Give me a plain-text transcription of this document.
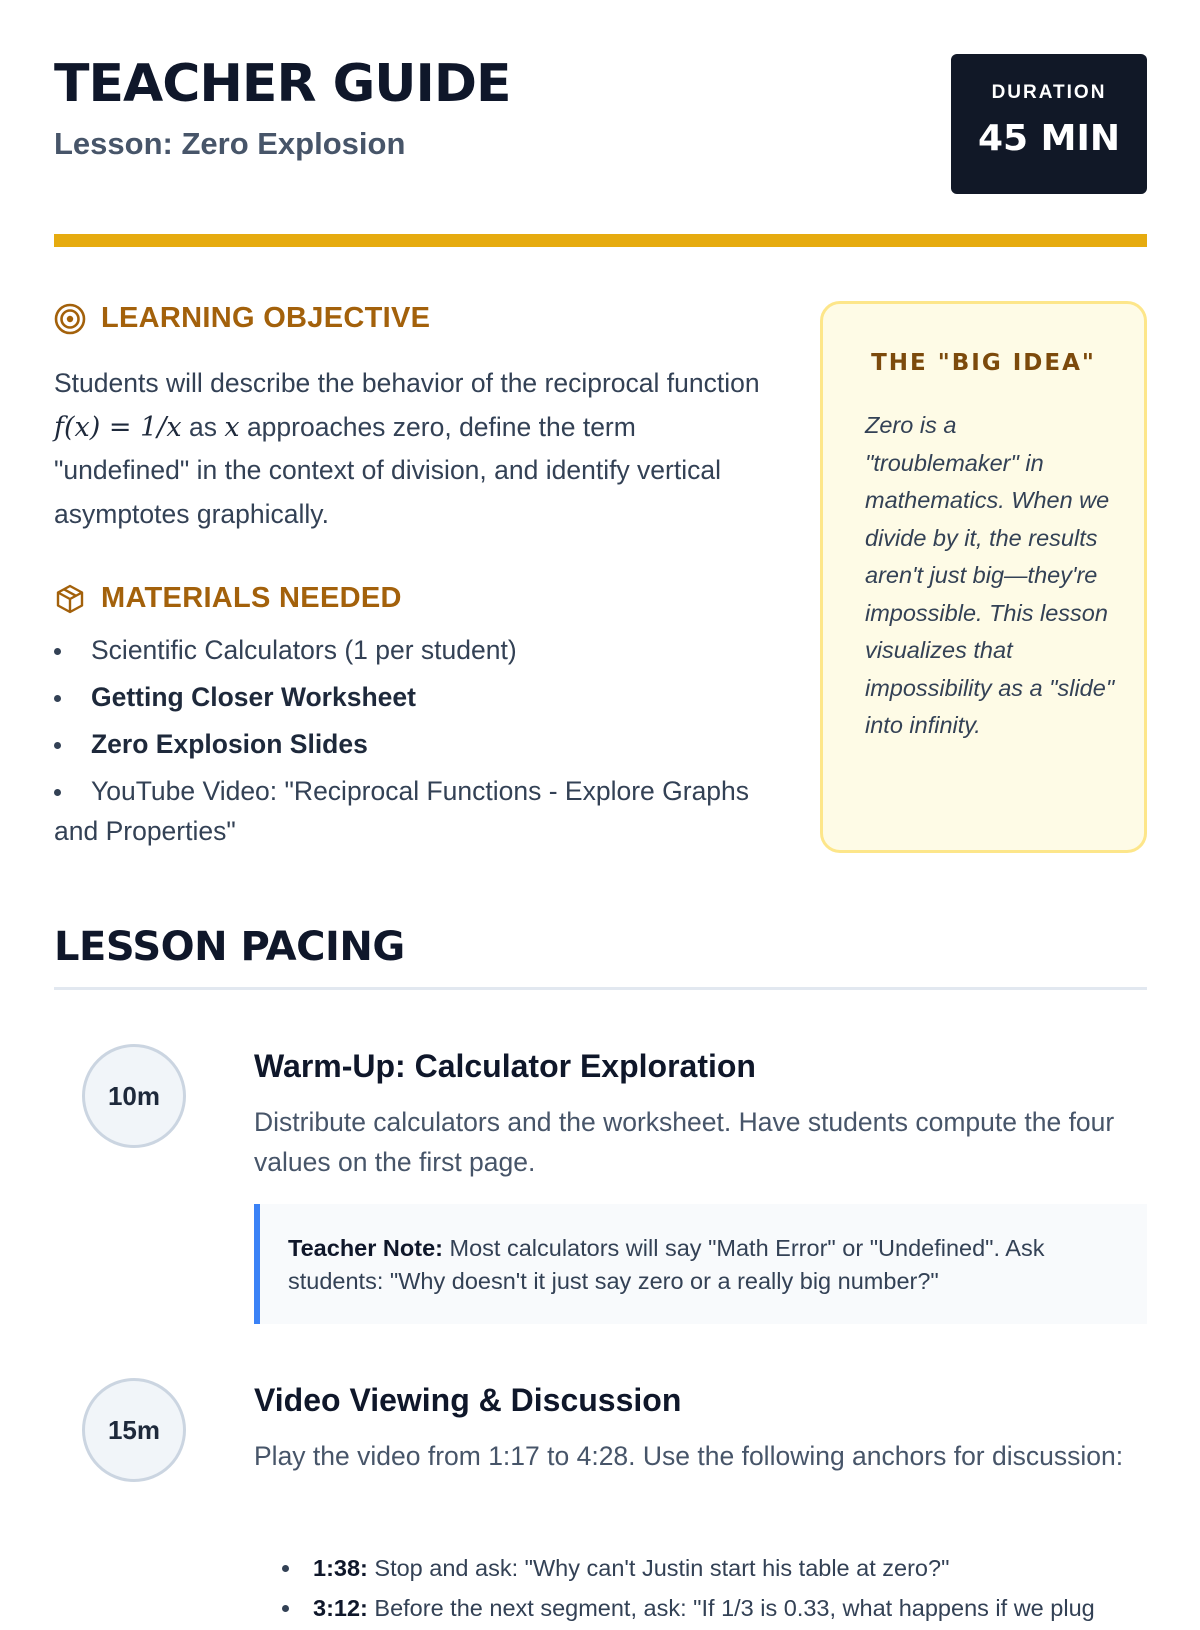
TEACHER GUIDE
Lesson: Zero Explosion
DURATION
45 MIN
LEARNING OBJECTIVE

Students will describe the behavior of the reciprocal function f(x) = 1/x as x approaches zero, define the term "undefined" in the context of division, and identify vertical asymptotes graphically.

MATERIALS NEEDED
Scientific Calculators (1 per student)
Getting Closer Worksheet
Zero Explosion Slides
YouTube Video: "Reciprocal Functions - Explore Graphs and Properties"
THE "BIG IDEA"
Zero is a "troublemaker" in mathematics. When we divide by it, the results aren't just big—they're impossible. This lesson visualizes that impossibility as a "slide" into infinity.
LESSON PACING
10m
Warm-Up: Calculator Exploration
Distribute calculators and the worksheet. Have students compute the four values on the first page.
Teacher Note: Most calculators will say "Math Error" or "Undefined". Ask students: "Why doesn't it just say zero or a really big number?"
15m
Video Viewing & Discussion
Play the video from 1:17 to 4:28. Use the following anchors for discussion:
1:38: Stop and ask: "Why can't Justin start his table at zero?"
3:12: Before the next segment, ask: "If 1/3 is 0.33, what happens if we plug
